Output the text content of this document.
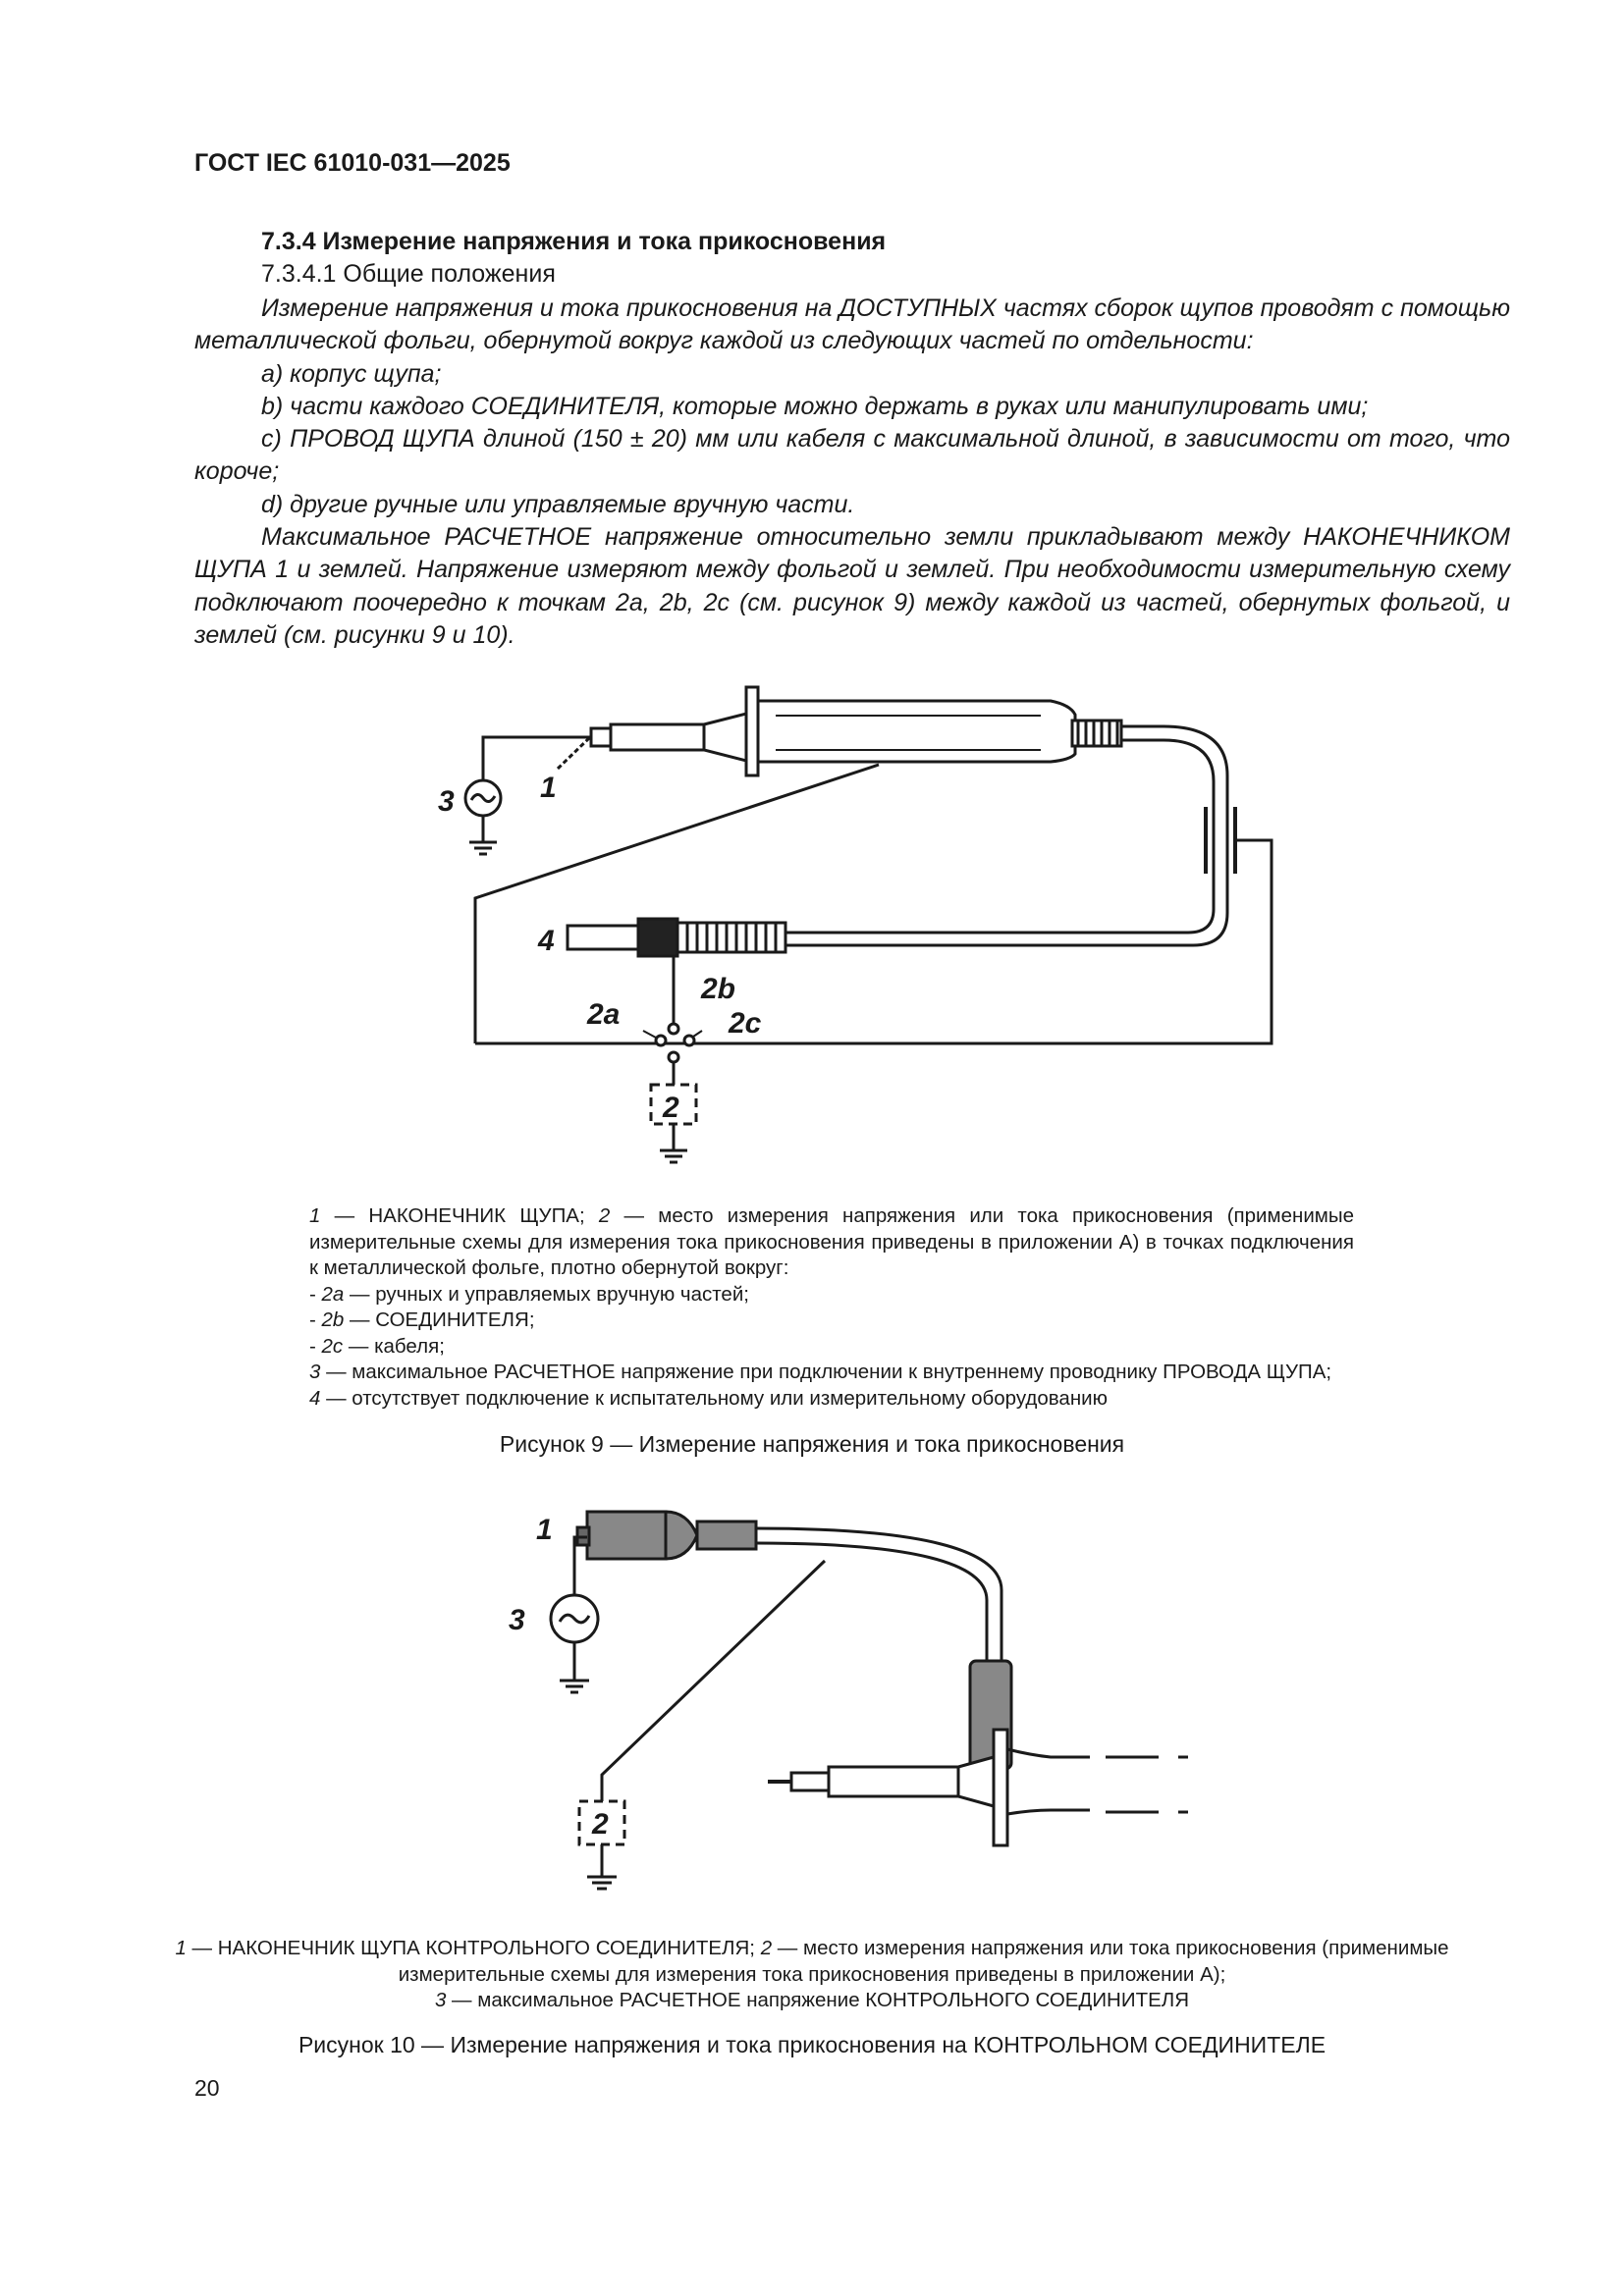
ГОСТ IEC 61010-031—2025
7.3.4 Измерение напряжения и тока прикосновения
7.3.4.1 Общие положения

Измерение напряжения и тока прикосновения на ДОСТУПНЫХ частях сборок щупов проводят с помощью металлической фольги, обернутой вокруг каждой из следующих частей по отдельности:

a) корпус щупа;

b) части каждого СОЕДИНИТЕЛЯ, которые можно держать в руках или манипулировать ими;

c) ПРОВОД ЩУПА длиной (150 ± 20) мм или кабеля с максимальной длиной, в зависимости от того, что короче;

d) другие ручные или управляемые вручную части.

Максимальное РАСЧЕТНОЕ напряжение относительно земли прикладывают между НАКОНЕЧНИКОМ ЩУПА 1 и землей. Напряжение измеряют между фольгой и землей. При необходимости измерительную схему подключают поочередно к точкам 2a, 2b, 2c (см. рисунок 9) между каждой из частей, обернутых фольгой, и землей (см. рисунки 9 и 10).

3	1
4
2a
2b
2c
2
1 — НАКОНЕЧНИК ЩУПА; 2 — место измерения напряжения или тока прикосновения (применимые измерительные схемы для измерения тока прикосновения приведены в приложении А) в точках подключения к металлической фольге, плотно обернутой вокруг:
- 2a — ручных и управляемых вручную частей;
- 2b — СОЕДИНИТЕЛЯ;
- 2c — кабеля;
3 — максимальное РАСЧЕТНОЕ напряжение при подключении к внутреннему проводнику ПРОВОДА ЩУПА;
4 — отсутствует подключение к испытательному или измерительному оборудованию
Рисунок 9 — Измерение напряжения и тока прикосновения
1
3
2
1 — НАКОНЕЧНИК ЩУПА КОНТРОЛЬНОГО СОЕДИНИТЕЛЯ; 2 — место измерения напряжения или тока прикосновения (применимые измерительные схемы для измерения тока прикосновения приведены в приложении А);
3 — максимальное РАСЧЕТНОЕ напряжение КОНТРОЛЬНОГО СОЕДИНИТЕЛЯ
Рисунок 10 — Измерение напряжения и тока прикосновения на КОНТРОЛЬНОМ СОЕДИНИТЕЛЕ
20
